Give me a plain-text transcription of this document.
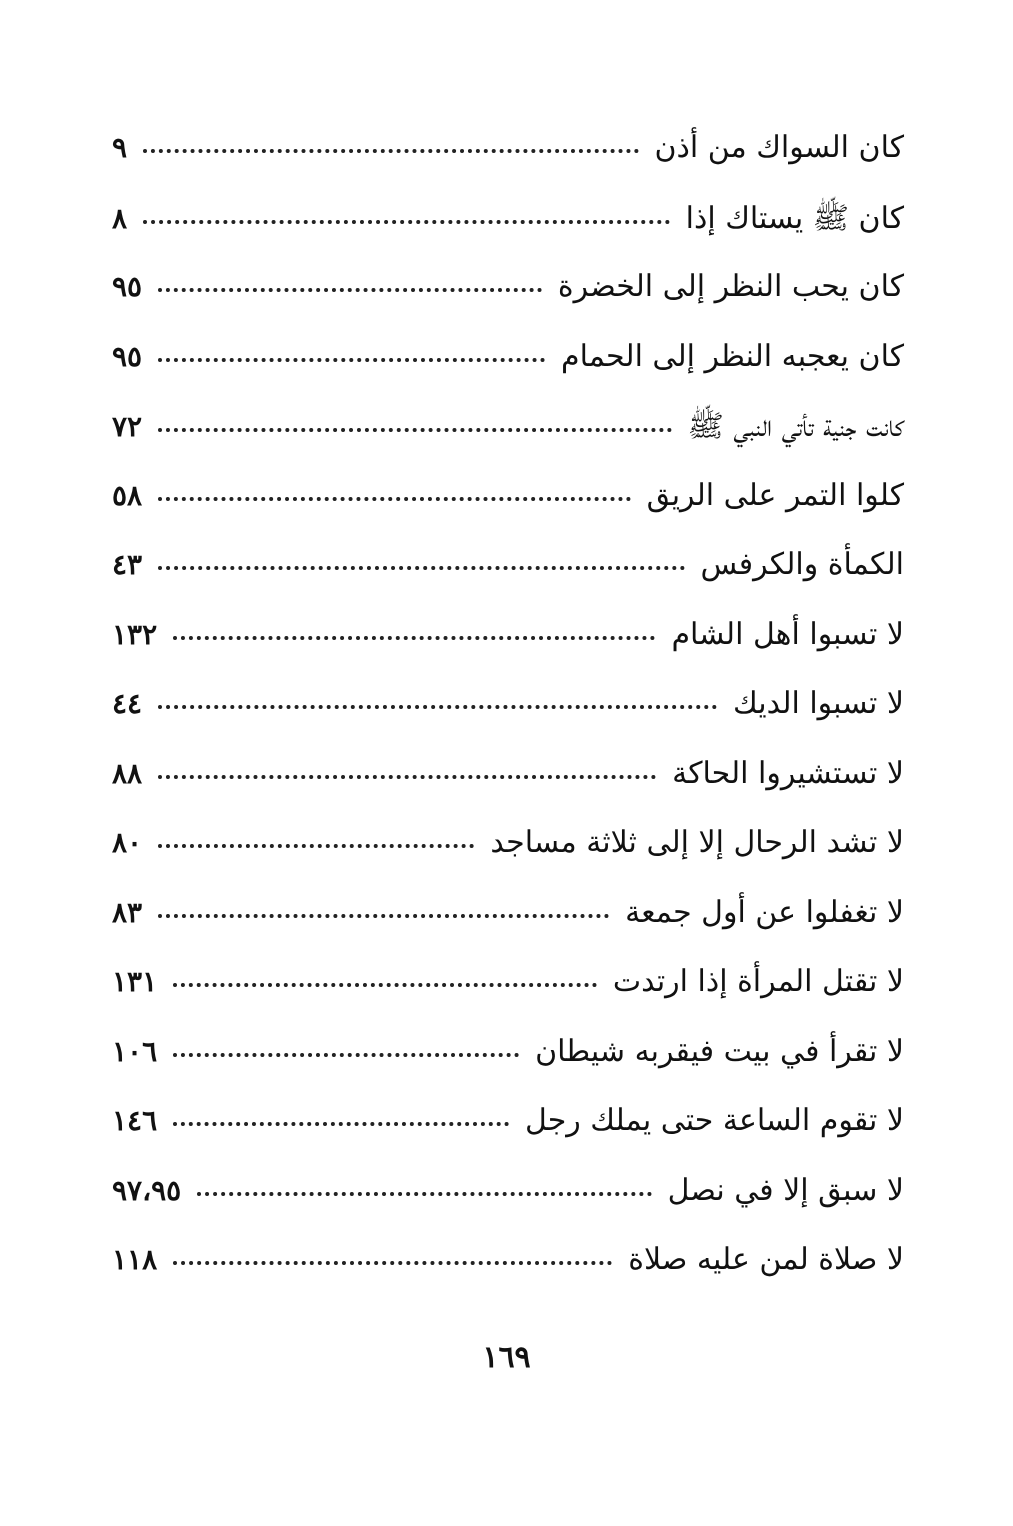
كان السواك من أذن
٩
كان ﷺ يستاك إذا
٨
كان يحب النظر إلى الخضرة
٩٥
كان يعجبه النظر إلى الحمام
٩٥
كانت جنية تأتي النبي ﷺ
٧٢
كلوا التمر على الريق
٥٨
الكمأة والكرفس
٤٣
لا تسبوا أهل الشام
١٣٢
لا تسبوا الديك
٤٤
لا تستشيروا الحاكة
٨٨
لا تشد الرحال إلا إلى ثلاثة مساجد
٨٠
لا تغفلوا عن أول جمعة
٨٣
لا تقتل المرأة إذا ارتدت
١٣١
لا تقرأ في بيت فيقربه شيطان
١٠٦
لا تقوم الساعة حتى يملك رجل
١٤٦
لا سبق إلا في نصل
٩٧،٩٥
لا صلاة لمن عليه صلاة
١١٨
١٦٩
